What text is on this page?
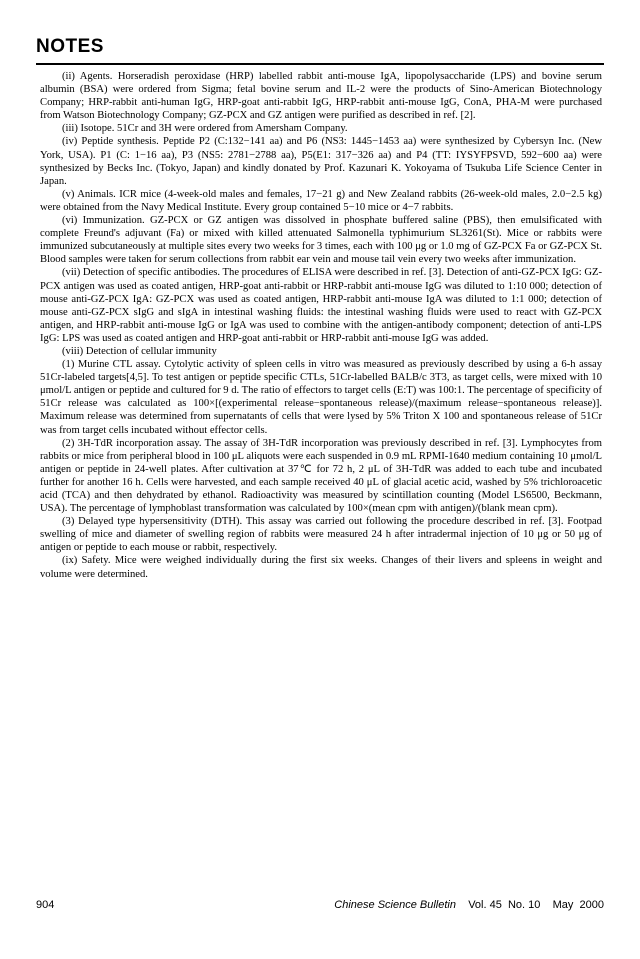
NOTES

(ii) Agents. Horseradish peroxidase (HRP) labelled rabbit anti-mouse IgA, lipopolysaccharide (LPS) and bovine serum albumin (BSA) were ordered from Sigma; fetal bovine serum and IL-2 were the products of Sino-American Biotechnology Company; HRP-rabbit anti-human IgG, HRP-goat anti-rabbit IgG, HRP-rabbit anti-mouse IgG, ConA, PHA-M were purchased from Watson Biotechnology Company; GZ-PCX and GZ antigen were purified as described in ref. [2].

(iii) Isotope. 51Cr and 3H were ordered from Amersham Company.

(iv) Peptide synthesis. Peptide P2 (C:132−141 aa) and P6 (NS3: 1445−1453 aa) were synthesized by Cybersyn Inc. (New York, USA). P1 (C: 1−16 aa), P3 (NS5: 2781−2788 aa), P5(E1: 317−326 aa) and P4 (TT: IYSYFPSVD, 592−600 aa) were synthesized by Becks Inc. (Tokyo, Japan) and kindly donated by Prof. Kazunari K. Yokoyama of Tsukuba Life Science Center in Japan.

(v) Animals. ICR mice (4-week-old males and females, 17−21 g) and New Zealand rabbits (26-week-old males, 2.0−2.5 kg) were obtained from the Navy Medical Institute. Every group contained 5−10 mice or 4−7 rabbits.

(vi) Immunization. GZ-PCX or GZ antigen was dissolved in phosphate buffered saline (PBS), then emulsificated with complete Freund's adjuvant (Fa) or mixed with killed attenuated Salmonella typhimurium SL3261(St). Mice or rabbits were immunized subcutaneously at multiple sites every two weeks for 3 times, each with 100 μg or 1.0 mg of GZ-PCX Fa or GZ-PCX St. Blood samples were taken for serum collections from rabbit ear vein and mouse tail vein every two weeks after immunization.

(vii) Detection of specific antibodies. The procedures of ELISA were described in ref. [3]. Detection of anti-GZ-PCX IgG: GZ-PCX antigen was used as coated antigen, HRP-goat anti-rabbit or HRP-rabbit anti-mouse IgG was diluted to 1:10 000; detection of mouse anti-GZ-PCX IgA: GZ-PCX was used as coated antigen, HRP-rabbit anti-mouse IgA was diluted to 1:1 000; detection of mouse anti-GZ-PCX sIgG and sIgA in intestinal washing fluids: the intestinal washing fluids were used to react with GZ-PCX antigen, and HRP-rabbit anti-mouse IgG or IgA was used to combine with the antigen-antibody component; detection of anti-LPS IgG: LPS was used as coated antigen and HRP-goat anti-rabbit or HRP-rabbit anti-mouse IgG was added.

(viii) Detection of cellular immunity

(1) Murine CTL assay. Cytolytic activity of spleen cells in vitro was measured as previously described by using a 6-h assay 51Cr-labeled targets[4,5]. To test antigen or peptide specific CTLs, 51Cr-labelled BALB/c 3T3, as target cells, were mixed with 10 μmol/L antigen or peptide and cultured for 9 d. The ratio of effectors to target cells (E:T) was 100:1. The percentage of specificity of 51Cr release was calculated as 100×[(experimental release−spontaneous release)/(maximum release−spontaneous release)]. Maximum release was determined from supernatants of cells that were lysed by 5% Triton X 100 and spontaneous release of 51Cr was from target cells incubated without effector cells.

(2) 3H-TdR incorporation assay. The assay of 3H-TdR incorporation was previously described in ref. [3]. Lymphocytes from rabbits or mice from peripheral blood in 100 μL aliquots were each suspended in 0.9 mL RPMI-1640 medium containing 10 μmol/L antigen or peptide in 24-well plates. After cultivation at 37℃ for 72 h, 2 μL of 3H-TdR was added to each tube and incubated further for another 16 h. Cells were harvested, and each sample received 40 μL of glacial acetic acid, washed by 5% trichloroacetic acid (TCA) and then dehydrated by ethanol. Radioactivity was measured by scintillation counting (Model LS6500, Beckmann, USA). The percentage of lymphoblast transformation was calculated by 100×(mean cpm with antigen)/(blank mean cpm).

(3) Delayed type hypersensitivity (DTH). This assay was carried out following the procedure described in ref. [3]. Footpad swelling of mice and diameter of swelling region of rabbits were measured 24 h after intradermal injection of 10 μg or 50 μg of antigen or peptide to each mouse or rabbit, respectively.

(ix) Safety. Mice were weighed individually during the first six weeks. Changes of their livers and spleens in weight and volume were determined.

904	Chinese Science Bulletin Vol. 45 No. 10 May  2000
